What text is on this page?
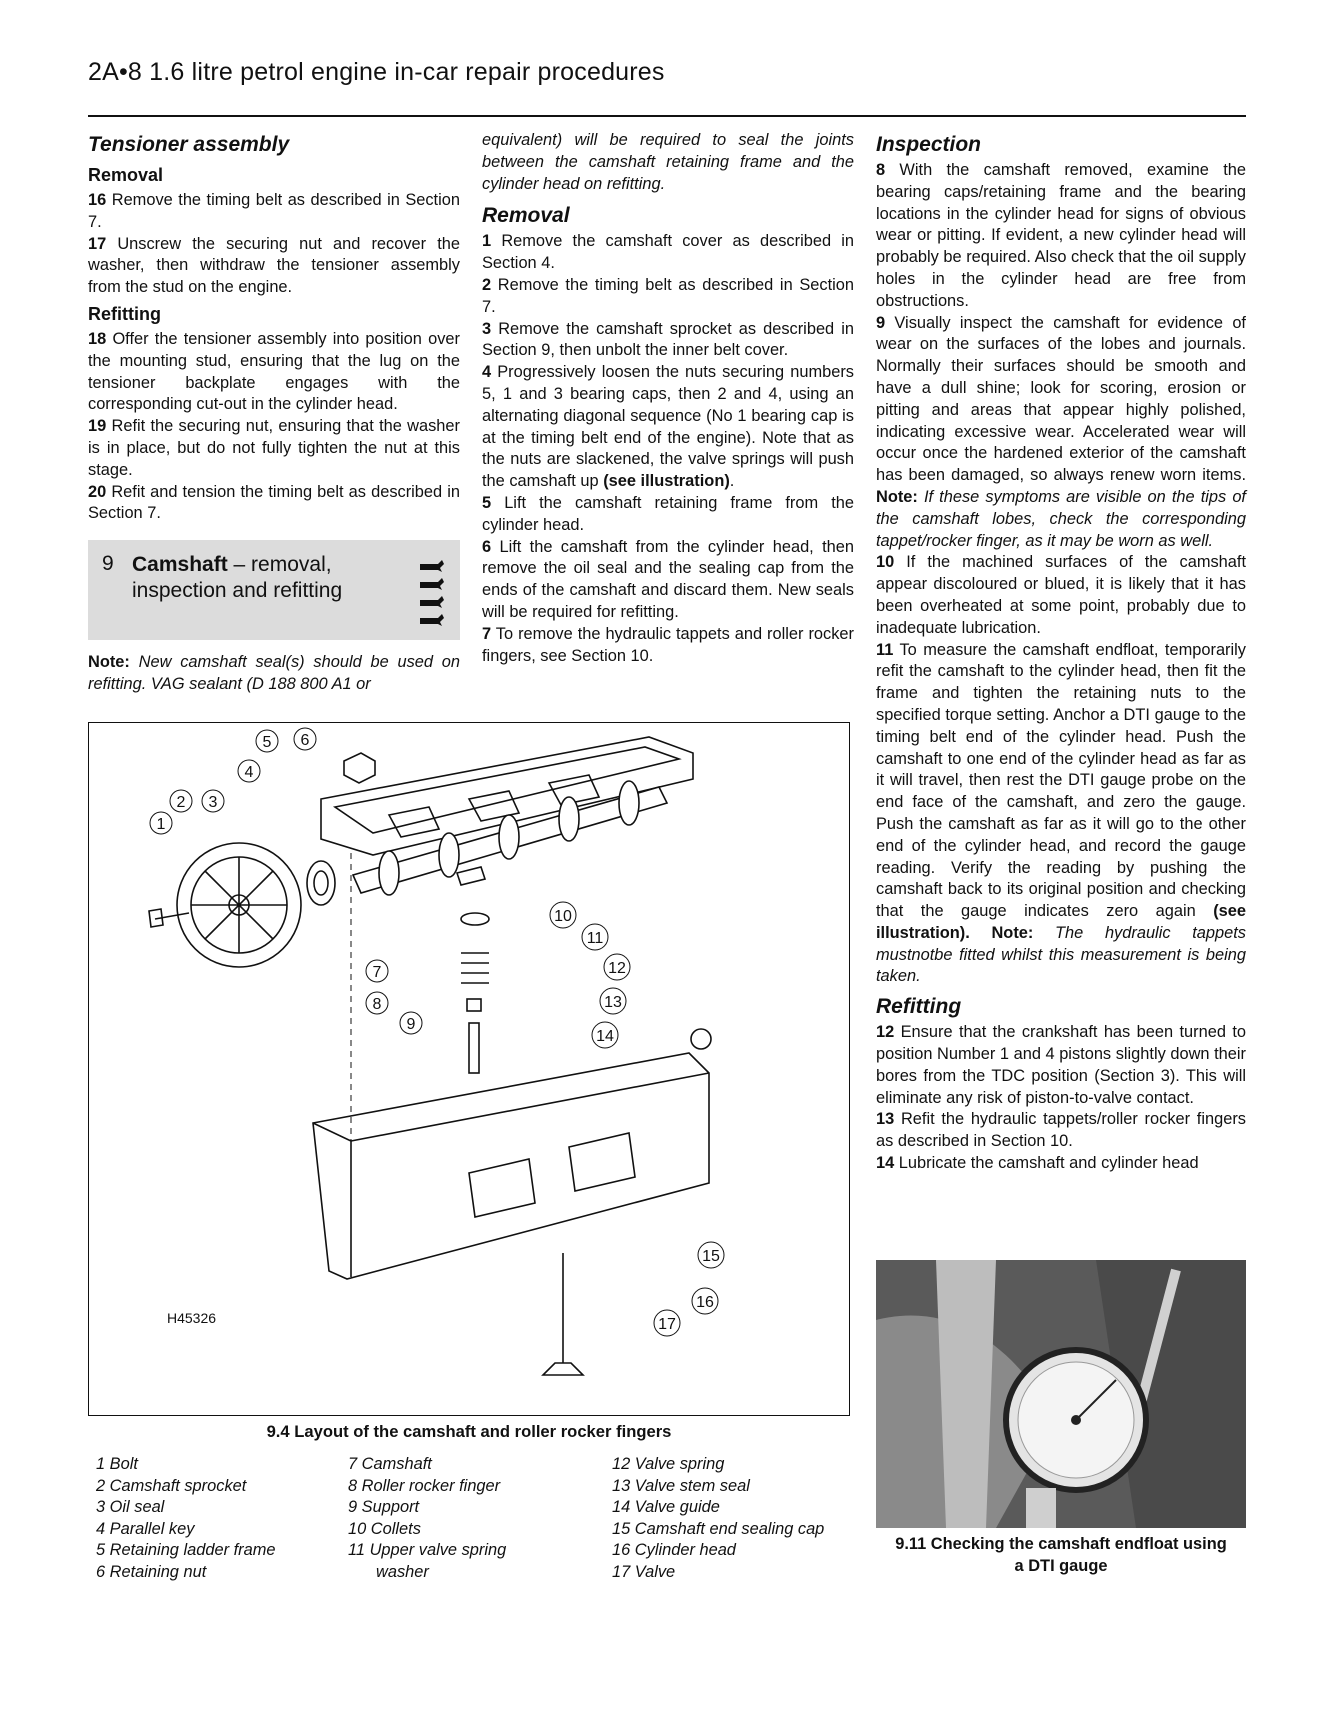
2A•8 1.6 litre petrol engine in-car repair procedures
Tensioner assembly
Removal

16 Remove the timing belt as described in Section 7.

17 Unscrew the securing nut and recover the washer, then withdraw the tensioner assembly from the stud on the engine.

Refitting

18 Offer the tensioner assembly into position over the mounting stud, ensuring that the lug on the tensioner backplate engages with the corresponding cut-out in the cylinder head.

19 Refit the securing nut, ensuring that the washer is in place, but do not fully tighten the nut at this stage.

20 Refit and tension the timing belt as described in Section 7.

9 Camshaft – removal,
inspection and refitting

Note: New camshaft seal(s) should be used on refitting. VAG sealant (D 188 800 A1 or

equivalent) will be required to seal the joints between the camshaft retaining frame and the cylinder head on refitting.

Removal

1 Remove the camshaft cover as described in Section 4.

2 Remove the timing belt as described in Section 7.

3 Remove the camshaft sprocket as described in Section 9, then unbolt the inner belt cover.

4 Progressively loosen the nuts securing numbers 5, 1 and 3 bearing caps, then 2 and 4, using an alternating diagonal sequence (No 1 bearing cap is at the timing belt end of the engine). Note that as the nuts are slackened, the valve springs will push the camshaft up (see illustration).

5 Lift the camshaft retaining frame from the cylinder head.

6 Lift the camshaft from the cylinder head, then remove the oil seal and the sealing cap from the ends of the camshaft and discard them. New seals will be required for refitting.

7 To remove the hydraulic tappets and roller rocker fingers, see Section 10.

Inspection

8 With the camshaft removed, examine the bearing caps/retaining frame and the bearing locations in the cylinder head for signs of obvious wear or pitting. If evident, a new cylinder head will probably be required. Also check that the oil supply holes in the cylinder head are free from obstructions.

9 Visually inspect the camshaft for evidence of wear on the surfaces of the lobes and journals. Normally their surfaces should be smooth and have a dull shine; look for scoring, erosion or pitting and areas that appear highly polished, indicating excessive wear. Accelerated wear will occur once the hardened exterior of the camshaft has been damaged, so always renew worn items. Note: If these symptoms are visible on the tips of the camshaft lobes, check the corresponding tappet/rocker finger, as it may be worn as well.

10 If the machined surfaces of the camshaft appear discoloured or blued, it is likely that it has been overheated at some point, probably due to inadequate lubrication.

11 To measure the camshaft endfloat, temporarily refit the camshaft to the cylinder head, then fit the frame and tighten the retaining nuts to the specified torque setting. Anchor a DTI gauge to the timing belt end of the cylinder head. Push the camshaft to one end of the cylinder head as far as it will travel, then rest the DTI gauge probe on the end face of the camshaft, and zero the gauge. Push the camshaft as far as it will go to the other end of the cylinder head, and record the gauge reading. Verify the reading by pushing the camshaft back to its original position and checking that the gauge indicates zero again (see illustration). Note: The hydraulic tappets mustnotbe fitted whilst this measurement is being taken.

Refitting

12 Ensure that the crankshaft has been turned to position Number 1 and 4 pistons slightly down their bores from the TDC position (Section 3). This will eliminate any risk of piston-to-valve contact.

13 Refit the hydraulic tappets/roller rocker fingers as described in Section 10.

14 Lubricate the camshaft and cylinder head

1
2 3
4
5 6
7
8
9
10
11
12
13
14
15
16
17
H45326
9.4 Layout of the camshaft and roller rocker fingers
1 Bolt
2 Camshaft sprocket
3 Oil seal
4 Parallel key
5 Retaining ladder frame
6 Retaining nut
7 Camshaft
8 Roller rocker finger
9 Support
10 Collets
11 Upper valve spring
washer
12 Valve spring
13 Valve stem seal
14 Valve guide
15 Camshaft end sealing cap
16 Cylinder head
17 Valve
9.11 Checking the camshaft endfloat using
a DTI gauge
